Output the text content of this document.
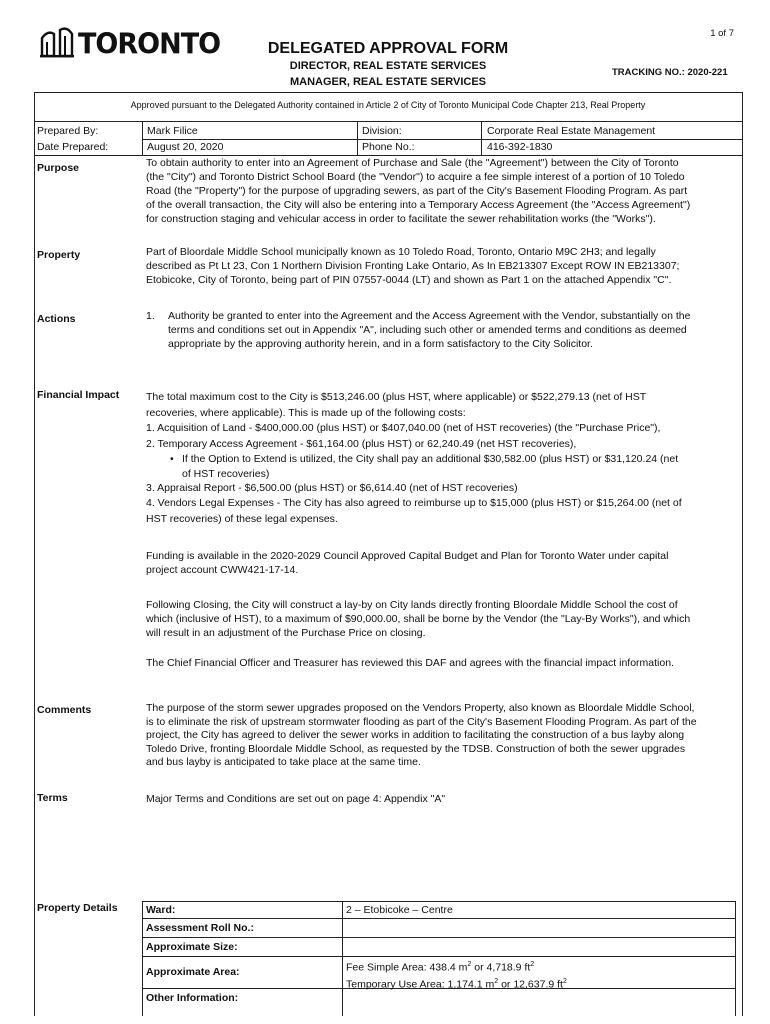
TORONTO	1 of 7
DELEGATED APPROVAL FORM
DIRECTOR, REAL ESTATE SERVICES
MANAGER, REAL ESTATE SERVICES
TRACKING NO.: 2020-221
Approved pursuant to the Delegated Authority contained in Article 2 of City of Toronto Municipal Code Chapter 213, Real Property
Prepared By:	Mark Filice	Division:	Corporate Real Estate Management
Date Prepared:	August 20, 2020	Phone No.:	416-392-1830
Purpose	To obtain authority to enter into an Agreement of Purchase and Sale (the "Agreement") between the City of Toronto
(the "City") and Toronto District School Board (the "Vendor") to acquire a fee simple interest of a portion of 10 Toledo
Road (the "Property") for the purpose of upgrading sewers, as part of the City's Basement Flooding Program. As part
of the overall transaction, the City will also be entering into a Temporary Access Agreement (the "Access Agreement")
for construction staging and vehicular access in order to facilitate the sewer rehabilitation works (the "Works").
Property	Part of Bloordale Middle School municipally known as 10 Toledo Road, Toronto, Ontario M9C 2H3; and legally
described as Pt Lt 23, Con 1 Northern Division Fronting Lake Ontario, As In EB213307 Except ROW IN EB213307;
Etobicoke, City of Toronto, being part of PIN 07557-0044 (LT) and shown as Part 1 on the attached Appendix "C".
Actions	1. Authority be granted to enter into the Agreement and the Access Agreement with the Vendor, substantially on the
terms and conditions set out in Appendix "A", including such other or amended terms and conditions as deemed
appropriate by the approving authority herein, and in a form satisfactory to the City Solicitor.
Financial Impact	The total maximum cost to the City is $513,246.00 (plus HST, where applicable) or $522,279.13 (net of HST
recoveries, where applicable). This is made up of the following costs:
1. Acquisition of Land - $400,000.00 (plus HST) or $407,040.00 (net of HST recoveries) (the "Purchase Price"),
2. Temporary Access Agreement - $61,164.00 (plus HST) or 62,240.49 (net HST recoveries),
• If the Option to Extend is utilized, the City shall pay an additional $30,582.00 (plus HST) or $31,120.24 (net
of HST recoveries)
3. Appraisal Report - $6,500.00 (plus HST) or $6,614.40 (net of HST recoveries)
4. Vendors Legal Expenses - The City has also agreed to reimburse up to $15,000 (plus HST) or $15,264.00 (net of
HST recoveries) of these legal expenses.
Funding is available in the 2020-2029 Council Approved Capital Budget and Plan for Toronto Water under capital
project account CWW421-17-14.
Following Closing, the City will construct a lay-by on City lands directly fronting Bloordale Middle School the cost of
which (inclusive of HST), to a maximum of $90,000.00, shall be borne by the Vendor (the "Lay-By Works"), and which
will result in an adjustment of the Purchase Price on closing.
The Chief Financial Officer and Treasurer has reviewed this DAF and agrees with the financial impact information.
Comments	The purpose of the storm sewer upgrades proposed on the Vendors Property, also known as Bloordale Middle School,
is to eliminate the risk of upstream stormwater flooding as part of the City's Basement Flooding Program. As part of the
project, the City has agreed to deliver the sewer works in addition to facilitating the construction of a bus layby along
Toledo Drive, fronting Bloordale Middle School, as requested by the TDSB. Construction of both the sewer upgrades
and bus layby is anticipated to take place at the same time.
Terms	Major Terms and Conditions are set out on page 4: Appendix "A"
Property Details	Ward:	2 – Etobicoke – Centre
Assessment Roll No.:
Approximate Size:
Approximate Area:	Fee Simple Area: 438.4 $m^2$ or 4,718.9 $ft^2$
Temporary Use Area: 1,174.1 $m^2$ or 12,637.9 $ft^2$
Other Information:
